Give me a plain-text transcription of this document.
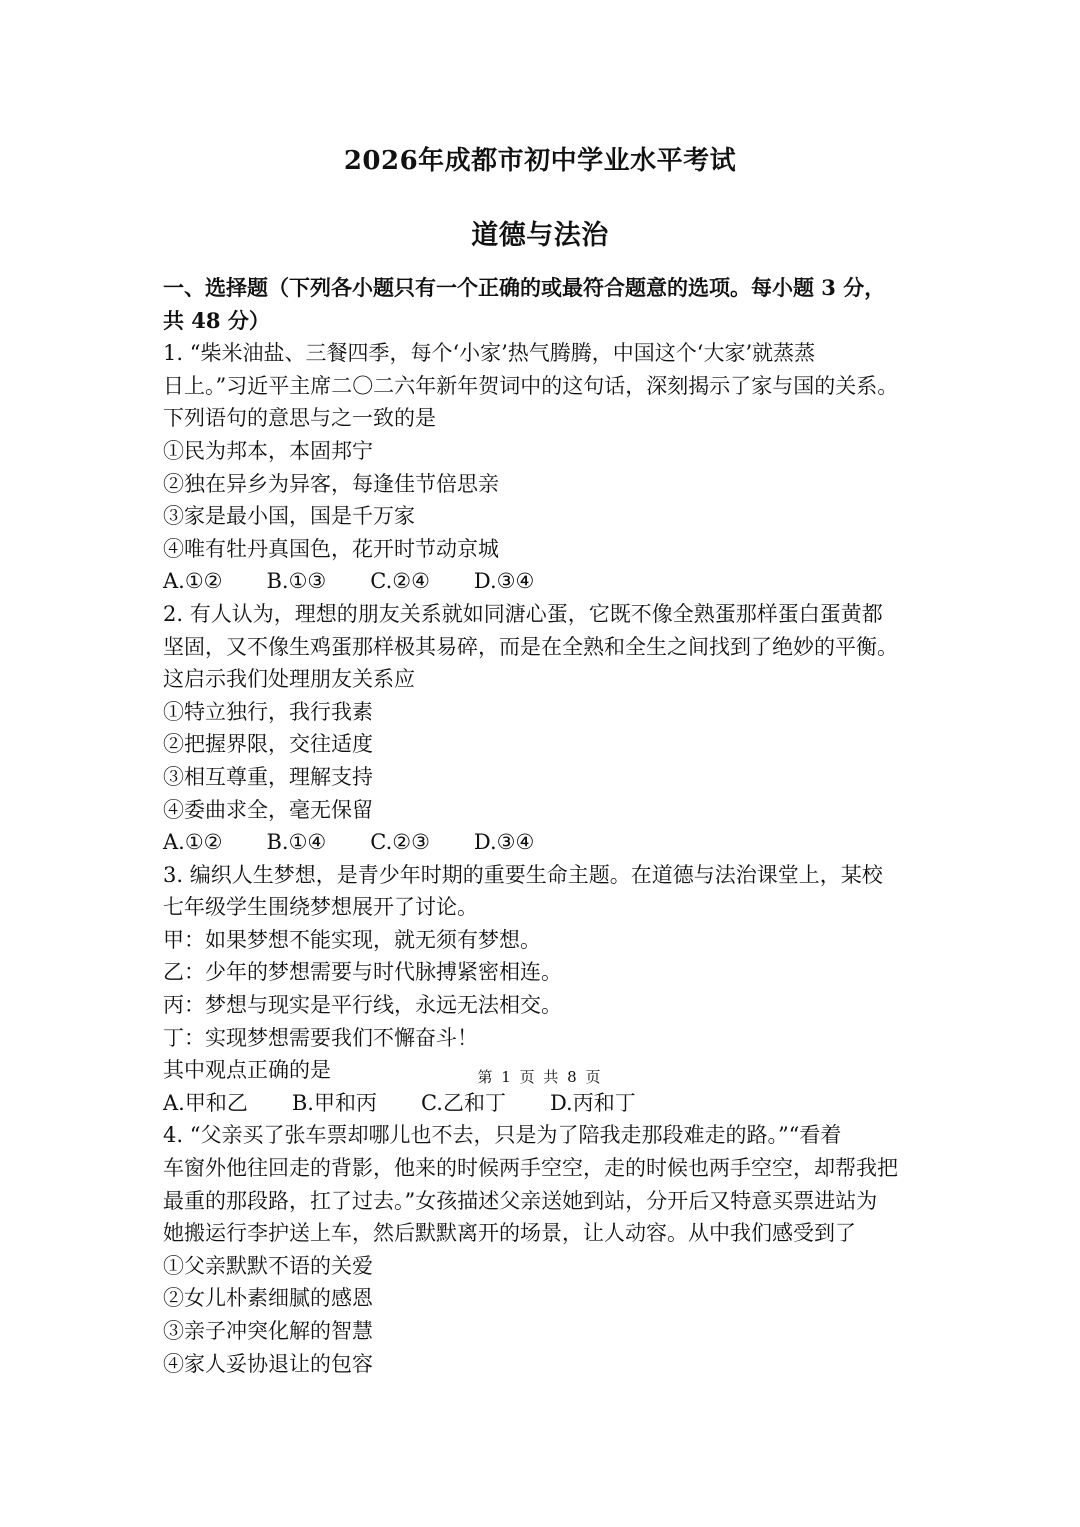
2026年成都市初中学业水平考试
道德与法治

一、选择题（下列各小题只有一个正确的或最符合题意的选项。每小题 3 分，

共 48 分）

1. “柴米油盐、三餐四季，每个‘小家’热气腾腾，中国这个‘大家’就蒸蒸

日上。”习近平主席二〇二六年新年贺词中的这句话，深刻揭示了家与国的关系。

下列语句的意思与之一致的是

①民为邦本，本固邦宁

②独在异乡为异客，每逢佳节倍思亲

③家是最小国，国是千万家

④唯有牡丹真国色，花开时节动京城

A.①② B.①③ C.②④ D.③④

2. 有人认为，理想的朋友关系就如同溏心蛋，它既不像全熟蛋那样蛋白蛋黄都

坚固，又不像生鸡蛋那样极其易碎，而是在全熟和全生之间找到了绝妙的平衡。

这启示我们处理朋友关系应

①特立独行，我行我素

②把握界限，交往适度

③相互尊重，理解支持

④委曲求全，毫无保留

A.①② B.①④ C.②③ D.③④

3. 编织人生梦想，是青少年时期的重要生命主题。在道德与法治课堂上，某校

七年级学生围绕梦想展开了讨论。

甲：如果梦想不能实现，就无须有梦想。

乙：少年的梦想需要与时代脉搏紧密相连。

丙：梦想与现实是平行线，永远无法相交。

丁：实现梦想需要我们不懈奋斗！

其中观点正确的是

A.甲和乙 B.甲和丙 C.乙和丁 D.丙和丁

4. “父亲买了张车票却哪儿也不去，只是为了陪我走那段难走的路。”“看着

车窗外他往回走的背影，他来的时候两手空空，走的时候也两手空空，却帮我把

最重的那段路，扛了过去。”女孩描述父亲送她到站，分开后又特意买票进站为

她搬运行李护送上车，然后默默离开的场景，让人动容。从中我们感受到了

①父亲默默不语的关爱

②女儿朴素细腻的感恩

③亲子冲突化解的智慧

④家人妥协退让的包容

第 1 页 共 8 页
